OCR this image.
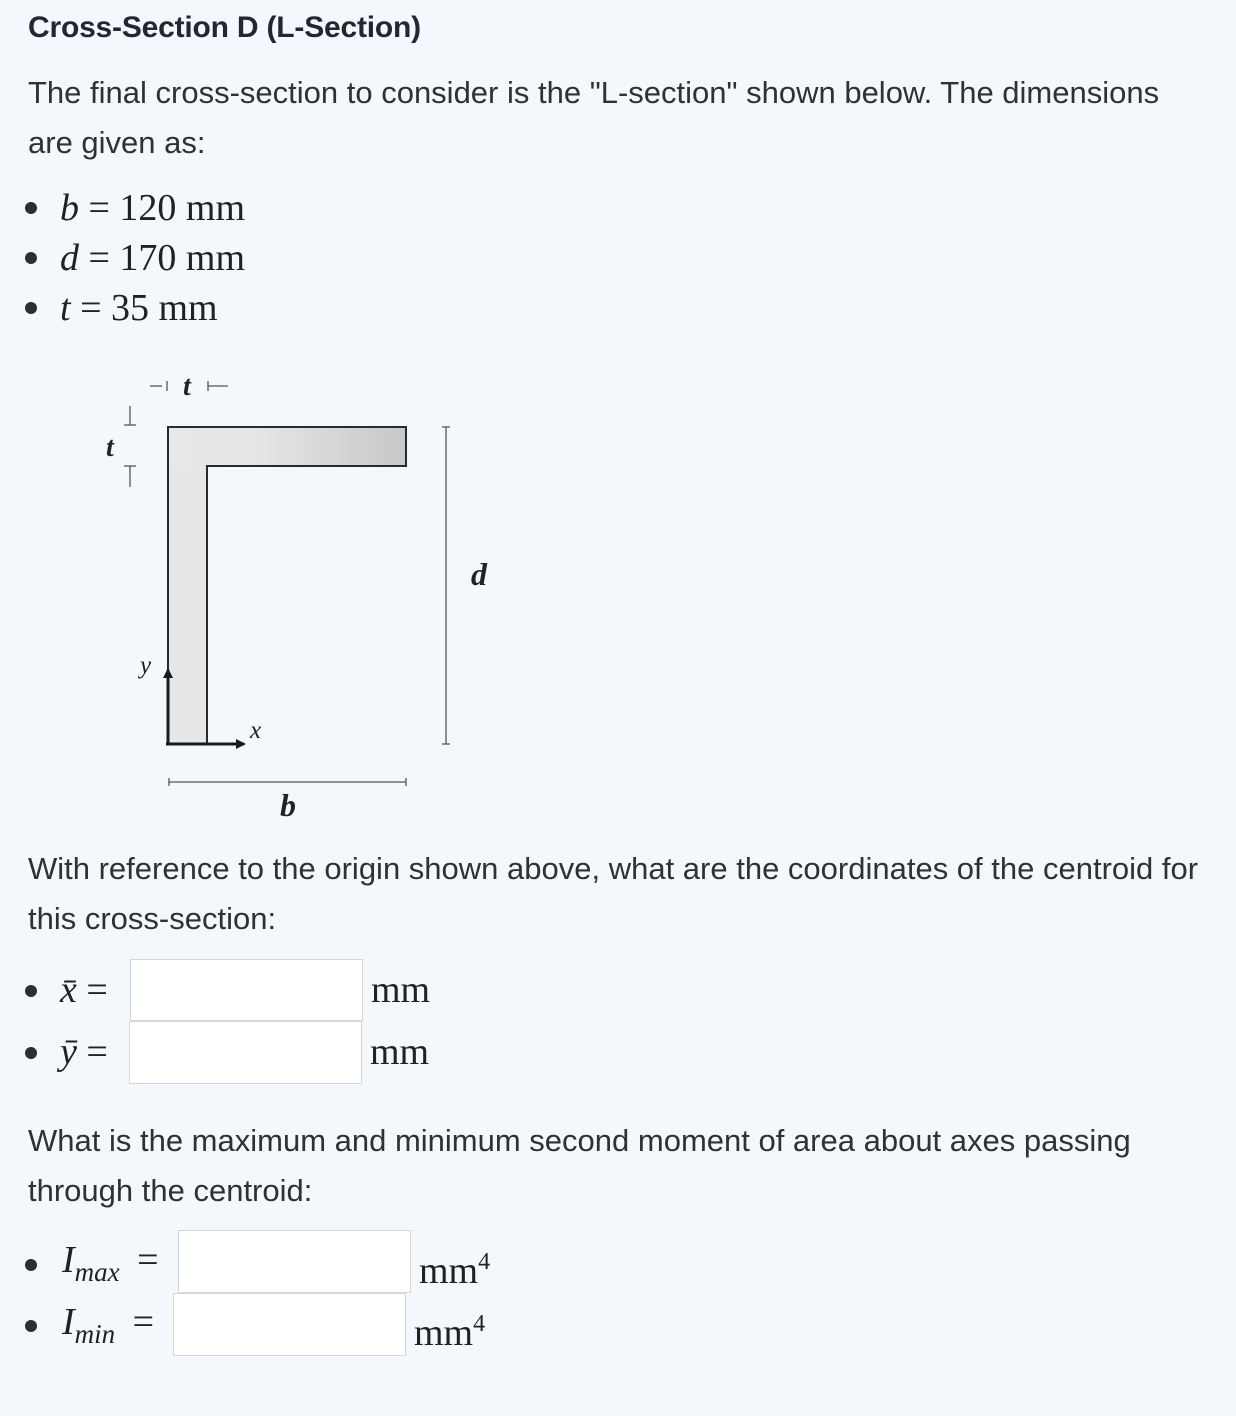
Cross-Section D (L-Section)
The final cross-section to consider is the "L-section" shown below. The dimensions are given as:
b = 120 mm
d = 170 mm
t = 35 mm
t
t
d
b
x
y
With reference to the origin shown above, what are the coordinates of the centroid for this cross-section:
x̄ =	mm
ȳ =	mm
What is the maximum and minimum second moment of area about axes passing through the centroid:
$I_{max}$ =	$mm^4$
$I_{min}$ =	$mm^4$
